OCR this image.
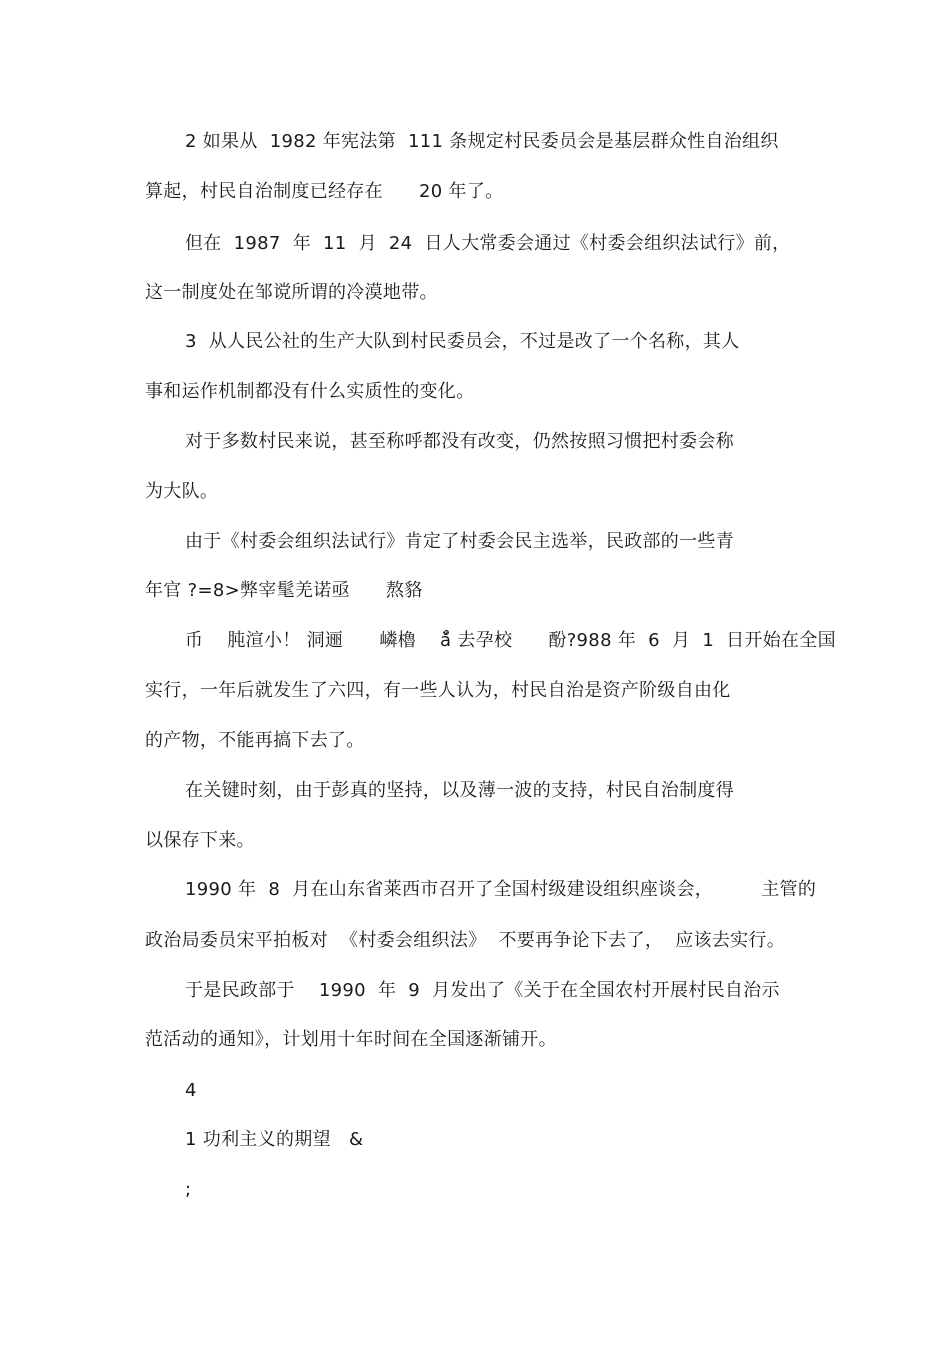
2 如果从  1982 年宪法第  111 条规定村民委员会是基层群众性自治组织
算起，村民自治制度已经存在      20 年了。
但在  1987  年  11  月  24  日人大常委会通过《村委会组织法试行》前，
这一制度处在邹谠所谓的冷漠地带。
3  从人民公社的生产大队到村民委员会，不过是改了一个名称，其人
事和运作机制都没有什么实质性的变化。
对于多数村民来说，甚至称呼都没有改变，仍然按照习惯把村委会称
为大队。
由于《村委会组织法试行》肯定了村委会民主选举，民政部的一些青
年官 ?=8>弊宰髦羌诺亟      熬貉
币    肫渲小！ 洞逦      嶙櫓    ǎ̊ 去孕校      酚?988 年  6  月  1  日开始在全国
实行，一年后就发生了六四，有一些人认为，村民自治是资产阶级自由化
的产物，不能再搞下去了。
在关键时刻，由于彭真的坚持，以及薄一波的支持，村民自治制度得
以保存下来。
1990 年  8  月在山东省莱西市召开了全国村级建设组织座谈会，        主管的
政治局委员宋平拍板对  《村委会组织法》  不要再争论下去了，  应该去实行。
于是民政部于    1990  年  9  月发出了《关于在全国农村开展村民自治示
范活动的通知》，计划用十年时间在全国逐渐铺开。
4
1 功利主义的期望   &
;
